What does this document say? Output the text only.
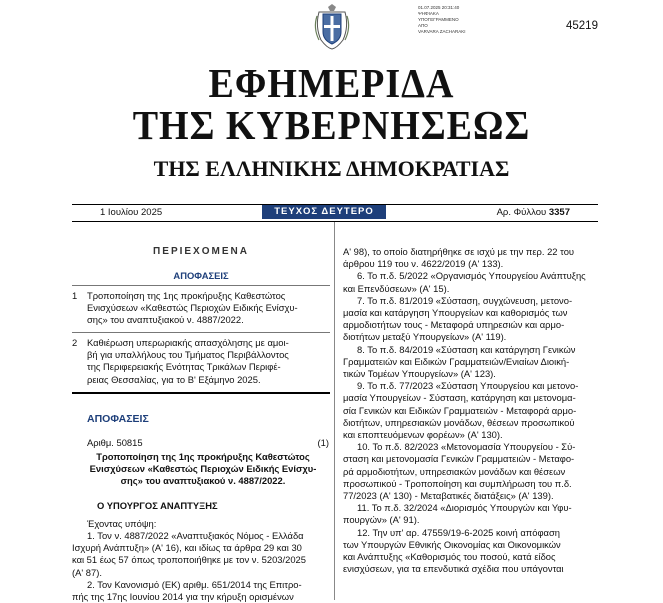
01.07.2025 20:31:40
ΨΗΦΙΑΚΑ
ΥΠΟΓΕΓΡΑΜΜΕΝΟ
ΑΠΟ
VARVARA ZACHARAKI	45219
ΕΦΗΜΕΡΙΔΑ
ΤΗΣ ΚΥΒΕΡΝΗΣΕΩΣ
ΤΗΣ ΕΛΛΗΝΙΚΗΣ ΔΗΜΟΚΡΑΤΙΑΣ
1 Ιουλίου 2025	ΤΕΥΧΟΣ ΔΕΥΤΕΡΟ	Αρ. Φύλλου 3357
ΠΕΡΙΕΧΟΜΕΝΑ
ΑΠΟΦΑΣΕΙΣ
1 Τροποποίηση της 1ης προκήρυξης Καθεστώτος
Ενισχύσεων «Καθεστώς Περιοχών Ειδικής Ενίσχυ-
σης» του αναπτυξιακού ν. 4887/2022.
2 Καθιέρωση υπερωριακής απασχόλησης με αμοι-
βή για υπαλλήλους του Τμήματος Περιβάλλοντος
της Περιφερειακής Ενότητας Τρικάλων Περιφέ-
ρειας Θεσσαλίας, για το Β' Εξάμηνο 2025.
ΑΠΟΦΑΣΕΙΣ
Αριθμ. 50815	(1)
Τροποποίηση της 1ης προκήρυξης Καθεστώτος
Ενισχύσεων «Καθεστώς Περιοχών Ειδικής Ενίσχυ-
σης» του αναπτυξιακού ν. 4887/2022.
Ο ΥΠΟΥΡΓΟΣ ΑΝΑΠΤΥΞΗΣ
Έχοντας υπόψη:
1. Τον ν. 4887/2022 «Αναπτυξιακός Νόμος - Ελλάδα
Ισχυρή Ανάπτυξη» (Α' 16), και ιδίως τα άρθρα 29 και 30
και 51 έως 57 όπως τροποποιήθηκε με τον ν. 5203/2025
(Α' 87).
2. Τον Κανονισμό (ΕΚ) αριθμ. 651/2014 της Επιτρο-
πής της 17ης Ιουνίου 2014 για την κήρυξη ορισμένων
Α' 98), το οποίο διατηρήθηκε σε ισχύ με την περ. 22 του
άρθρου 119 του ν. 4622/2019 (Α' 133).
6. Το π.δ. 5/2022 «Οργανισμός Υπουργείου Ανάπτυξης
και Επενδύσεων» (Α' 15).
7. Το π.δ. 81/2019 «Σύσταση, συγχώνευση, μετονο-
μασία και κατάργηση Υπουργείων και καθορισμός των
αρμοδιοτήτων τους - Μεταφορά υπηρεσιών και αρμο-
διοτήτων μεταξύ Υπουργείων» (Α' 119).
8. Το π.δ. 84/2019 «Σύσταση και κατάργηση Γενικών
Γραμματειών και Ειδικών Γραμματειών/Ενιαίων Διοική-
τικών Τομέων Υπουργείων» (Α' 123).
9. Το π.δ. 77/2023 «Σύσταση Υπουργείου και μετονο-
μασία Υπουργείων - Σύσταση, κατάργηση και μετονομα-
σία Γενικών και Ειδικών Γραμματειών - Μεταφορά αρμο-
διοτήτων, υπηρεσιακών μονάδων, θέσεων προσωπικού
και εποπτευόμενων φορέων» (Α' 130).
10. Το π.δ. 82/2023 «Μετονομασία Υπουργείου - Σύ-
σταση και μετονομασία Γενικών Γραμματειών - Μεταφο-
ρά αρμοδιοτήτων, υπηρεσιακών μονάδων και θέσεων
προσωπικού - Τροποποίηση και συμπλήρωση του π.δ.
77/2023 (Α' 130) - Μεταβατικές διατάξεις» (Α' 139).
11. Το π.δ. 32/2024 «Διορισμός Υπουργών και Υφυ-
πουργών» (Α' 91).
12. Την υπ' αρ. 47559/19-6-2025 κοινή απόφαση
των Υπουργών Εθνικής Οικονομίας και Οικονομικών
και Ανάπτυξης «Καθορισμός του ποσού, κατά είδος
ενισχύσεων, για τα επενδυτικά σχέδια που υπάγονται
